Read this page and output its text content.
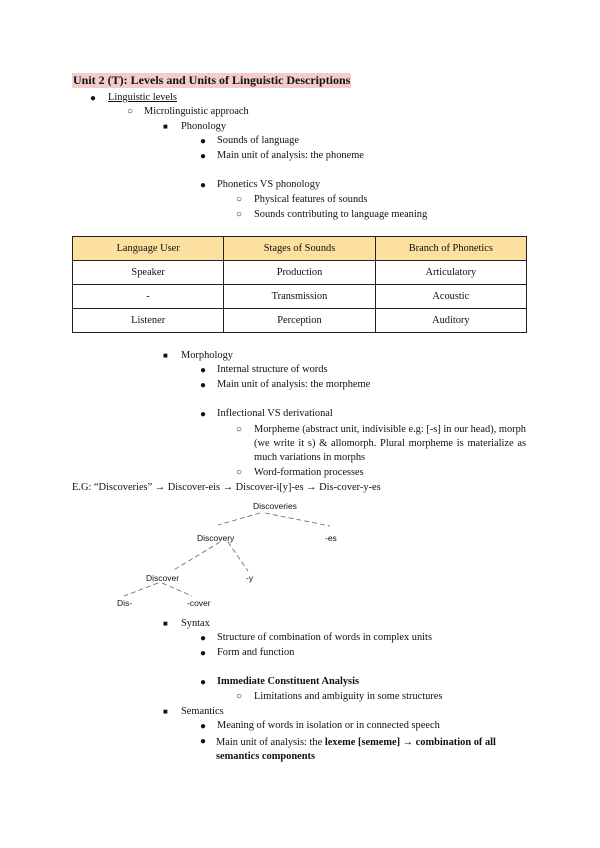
Unit 2 (T): Levels and Units of Linguistic Descriptions
● Linguistic levels
○ Microlinguistic approach
■ Phonology
● Sounds of language
● Main unit of analysis: the phoneme
● Phonetics VS phonology
○ Physical features of sounds
○ Sounds contributing to language meaning
Language User	Stages of Sounds	Branch of Phonetics
Speaker	Production	Articulatory
-	Transmission	Acoustic
Listener	Perception	Auditory
■ Morphology
● Internal structure of words
● Main unit of analysis: the morpheme
● Inflectional VS derivational
○ Morpheme (abstract unit, indivisible e.g: [-s] in our head), morph (we write it s) & allomorph. Plural morpheme is materialize as much variations in morphs
○ Word-formation processes
E.G: “Discoveries” → Discover-eis → Discover-i[y]-es → Dis-cover-y-es
Discoveries
Discovery	-es
Discover	-y
Dis-	-cover
■ Syntax
● Structure of combination of words in complex units
● Form and function
● Immediate Constituent Analysis
○ Limitations and ambiguity in some structures
■ Semantics
● Meaning of words in isolation or in connected speech
● Main unit of analysis: the lexeme [sememe] → combination of all semantics components
